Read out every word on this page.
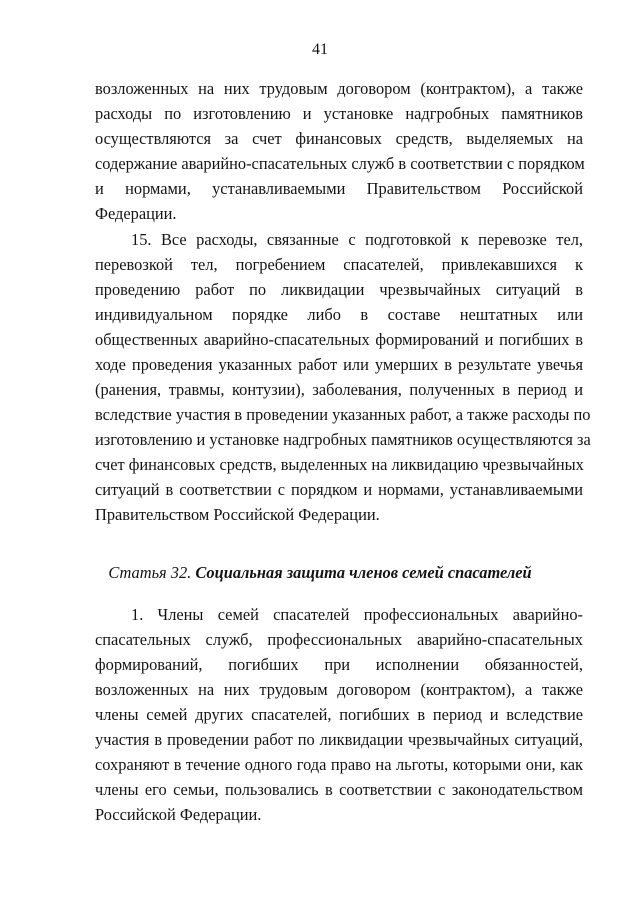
41
возложенных на них трудовым договором (контрактом), а также
расходы по изготовлению и установке надгробных памятников
осуществляются за счет финансовых средств, выделяемых на
содержание аварийно-спасательных служб в соответствии с порядком
и нормами, устанавливаемыми Правительством Российской
Федерации.
15. Все расходы, связанные с подготовкой к перевозке тел,
перевозкой тел, погребением спасателей, привлекавшихся к
проведению работ по ликвидации чрезвычайных ситуаций в
индивидуальном порядке либо в составе нештатных или
общественных аварийно-спасательных формирований и погибших в
ходе проведения указанных работ или умерших в результате увечья
(ранения, травмы, контузии), заболевания, полученных в период и
вследствие участия в проведении указанных работ, а также расходы по
изготовлению и установке надгробных памятников осуществляются за
счет финансовых средств, выделенных на ликвидацию чрезвычайных
ситуаций в соответствии с порядком и нормами, устанавливаемыми
Правительством Российской Федерации.
Статья 32. Социальная защита членов семей спасателей
1. Члены семей спасателей профессиональных аварийно-
спасательных служб, профессиональных аварийно-спасательных
формирований, погибших при исполнении обязанностей,
возложенных на них трудовым договором (контрактом), а также
члены семей других спасателей, погибших в период и вследствие
участия в проведении работ по ликвидации чрезвычайных ситуаций,
сохраняют в течение одного года право на льготы, которыми они, как
члены его семьи, пользовались в соответствии с законодательством
Российской Федерации.
